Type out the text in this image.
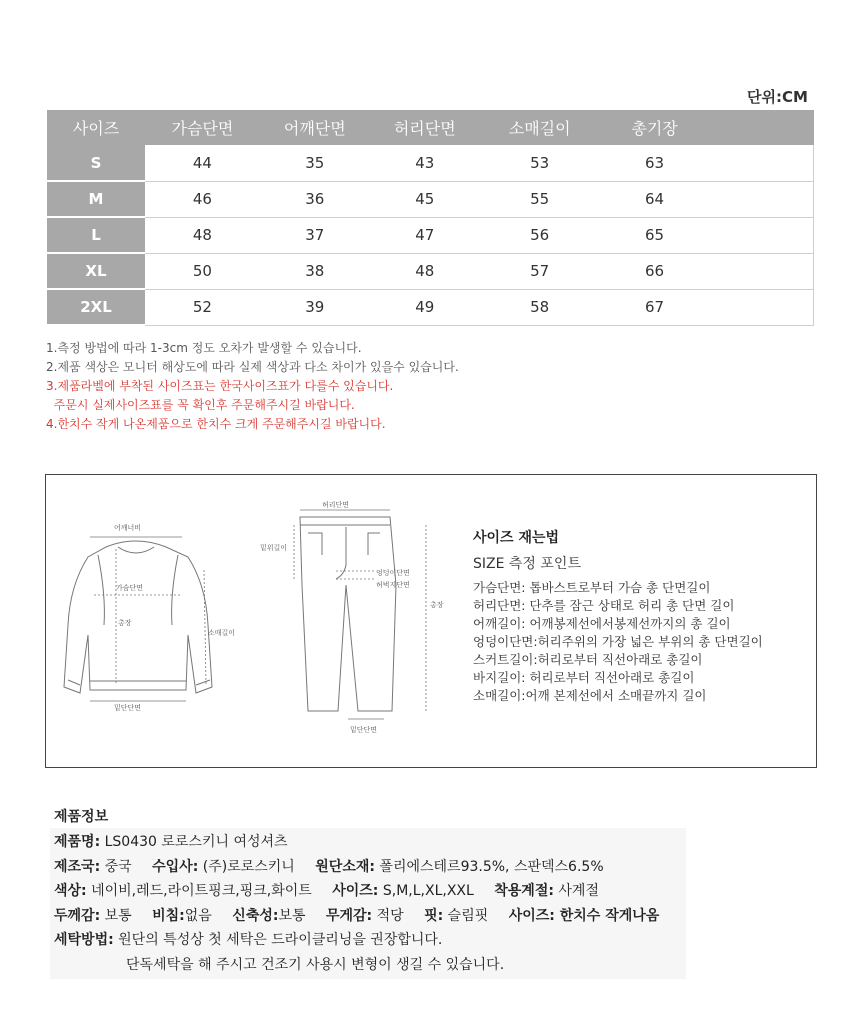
단위:CM
사이즈	가슴단면	어깨단면	허리단면	소매길이	총기장	
S	44	35	43	53	63	
M	46	36	45	55	64	
L	48	37	47	56	65	
XL	50	38	48	57	66	
2XL	52	39	49	58	67	
1.측정 방법에 따라 1-3cm 정도 오차가 발생할 수 있습니다.
2.제품 색상은 모니터 해상도에 따라 실제 색상과 다소 차이가 있을수 있습니다.
3.제품라벨에 부착된 사이즈표는 한국사이즈표가 다를수 있습니다.
주문시 실제사이즈표를 꼭 확인후 주문해주시길 바랍니다.
4.한치수 작게 나온제품으로 한치수 크게 주문해주시길 바랍니다.
어깨너비
가슴단면
총장
소매길이
밑단단면
허리단면
밑위길이
엉덩이단면
허벅지단면
총장
밑단단면
사이즈 재는법
SIZE 측정 포인트
가슴단면: 톱바스트로부터 가슴 총 단면길이
허리단면: 단추를 잠근 상태로 허리 총 단면 길이
어깨길이: 어깨봉제선에서봉제선까지의 총 길이
엉덩이단면:허리주위의 가장 넓은 부위의 총 단면길이
스커트길이:허리로부터 직선아래로 총길이
바지길이: 허리로부터 직선아래로 총길이
소매길이:어깨 본제선에서 소매끝까지 길이
제품정보
제품명: LS0430 로로스키니 여성셔츠
제조국: 중국 수입사: (주)로로스키니 원단소재: 폴리에스테르93.5%, 스판덱스6.5%
색상: 네이비,레드,라이트핑크,핑크,화이트 사이즈: S,M,L,XL,XXL 착용계절: 사계절
두께감: 보통 비침:없음 신축성:보통 무게감: 적당 핏: 슬림핏 사이즈: 한치수 작게나옴
세탁방법: 원단의 특성상 첫 세탁은 드라이클리닝을 권장합니다.
단독세탁을 해 주시고 건조기 사용시 변형이 생길 수 있습니다.
